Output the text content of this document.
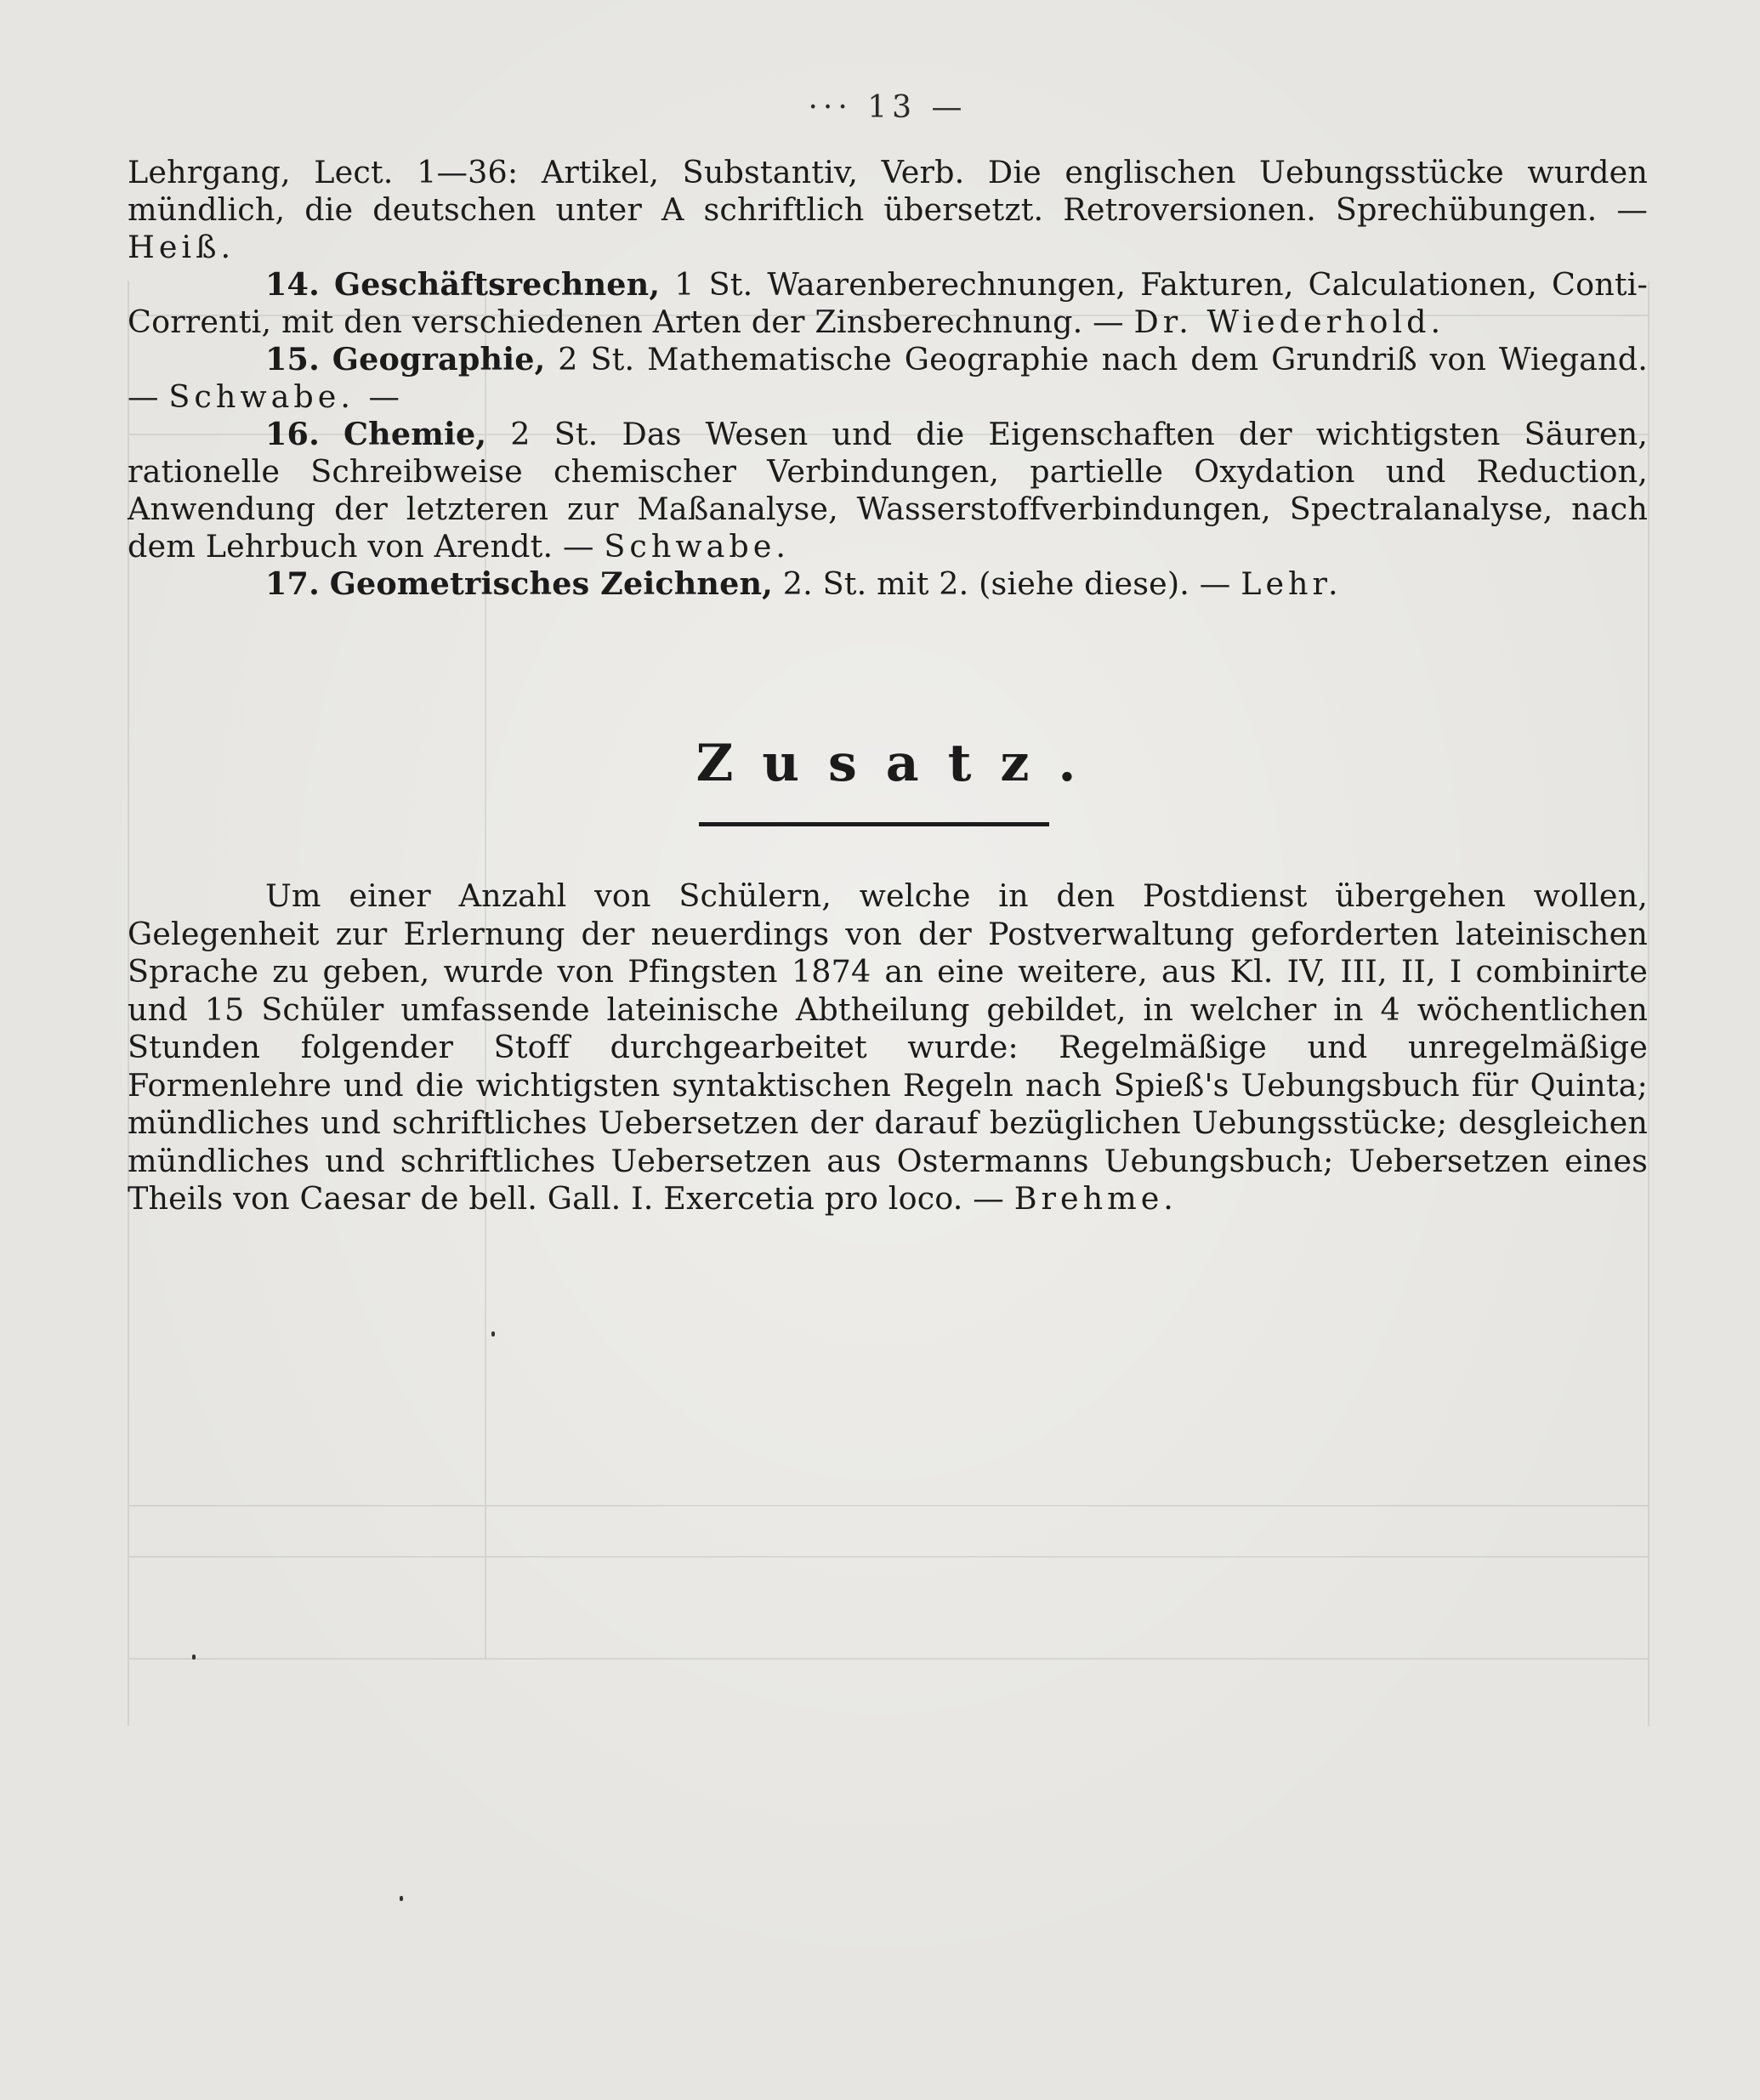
··· 13 —

Lehrgang, Lect. 1—36: Artikel, Substantiv, Verb. Die englischen Uebungsstücke wurden mündlich, die deutschen unter A schriftlich übersetzt. Retroversionen. Sprechübungen. — Heiß.

14. Geschäftsrechnen, 1 St. Waarenberechnungen, Fakturen, Calculationen, Conti-Correnti, mit den verschiedenen Arten der Zinsberechnung. — Dr. Wiederhold.

15. Geographie, 2 St. Mathematische Geographie nach dem Grundriß von Wiegand. — Schwabe. —

16. Chemie, 2 St. Das Wesen und die Eigenschaften der wichtigsten Säuren, rationelle Schreibweise chemischer Verbindungen, partielle Oxydation und Reduction, Anwendung der letzteren zur Maßanalyse, Wasserstoffverbindungen, Spectralanalyse, nach dem Lehrbuch von Arendt. — Schwabe.

17. Geometrisches Zeichnen, 2. St. mit 2. (siehe diese). — Lehr.

Zusatz.

Um einer Anzahl von Schülern, welche in den Postdienst übergehen wollen, Gelegenheit zur Erlernung der neuerdings von der Postverwaltung geforderten lateinischen Sprache zu geben, wurde von Pfingsten 1874 an eine weitere, aus Kl. IV, III, II, I combinirte und 15 Schüler umfassende lateinische Abtheilung gebildet, in welcher in 4 wöchentlichen Stunden folgender Stoff durchgearbeitet wurde: Regelmäßige und unregelmäßige Formenlehre und die wichtigsten syntaktischen Regeln nach Spieß's Uebungsbuch für Quinta; mündliches und schriftliches Uebersetzen der darauf bezüglichen Uebungsstücke; desgleichen mündliches und schriftliches Uebersetzen aus Ostermanns Uebungsbuch; Uebersetzen eines Theils von Caesar de bell. Gall. I. Exercetia pro loco. — Brehme.
